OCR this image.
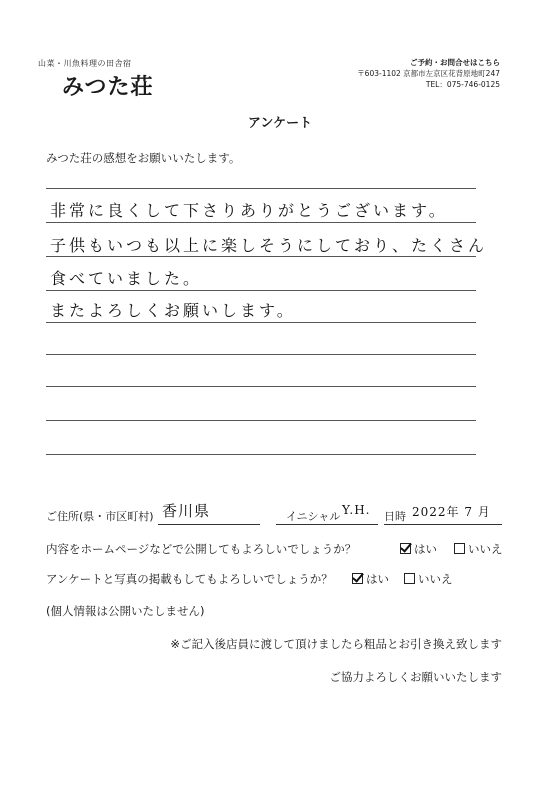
山菜・川魚料理の田舎宿
みつた荘
ご予約・お問合せはこちら
〒603-1102 京都市左京区花背原地町247
TEL：075-746-0125
アンケート
みつた荘の感想をお願いいたします。
非常に良くして下さりありがとうございます。
子供もいつも以上に楽しそうにしており、たくさん
食べていました。
またよろしくお願いします。
ご住所(県・市区町村) 香川県	イニシャル Y.H. 日時 2022年 7 月
内容をホームページなどで公開してもよろしいでしょうか？	はい	いいえ
アンケートと写真の掲載もしてもよろしいでしょうか？	はい	いいえ
(個人情報は公開いたしません)
※ご記入後店員に渡して頂けましたら粗品とお引き換え致します
ご協力よろしくお願いいたします
